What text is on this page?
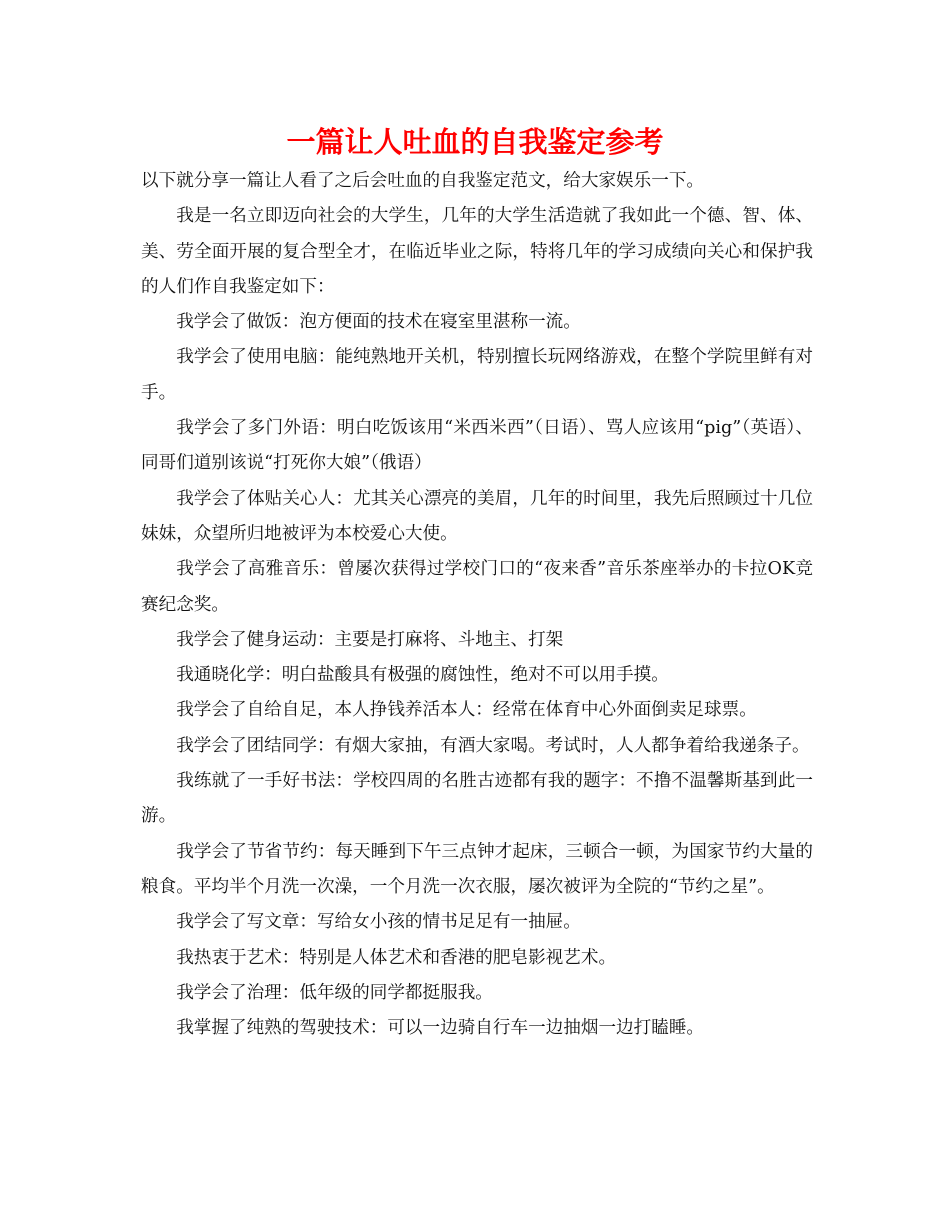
一篇让人吐血的自我鉴定参考

以下就分享一篇让人看了之后会吐血的自我鉴定范文，给大家娱乐一下。

我是一名立即迈向社会的大学生，几年的大学生活造就了我如此一个德、智、体、美、劳全面开展的复合型全才，在临近毕业之际，特将几年的学习成绩向关心和保护我的人们作自我鉴定如下：

我学会了做饭：泡方便面的技术在寝室里湛称一流。

我学会了使用电脑：能纯熟地开关机，特别擅长玩网络游戏，在整个学院里鲜有对手。

我学会了多门外语：明白吃饭该用“米西米西”（日语）、骂人应该用“pig”（英语）、同哥们道别该说“打死你大娘”（俄语）

我学会了体贴关心人：尤其关心漂亮的美眉，几年的时间里，我先后照顾过十几位妹妹，众望所归地被评为本校爱心大使。

我学会了高雅音乐：曾屡次获得过学校门口的“夜来香”音乐茶座举办的卡拉OK竞赛纪念奖。

我学会了健身运动：主要是打麻将、斗地主、打架

我通晓化学：明白盐酸具有极强的腐蚀性，绝对不可以用手摸。

我学会了自给自足，本人挣钱养活本人：经常在体育中心外面倒卖足球票。

我学会了团结同学：有烟大家抽，有酒大家喝。考试时，人人都争着给我递条子。

我练就了一手好书法：学校四周的名胜古迹都有我的题字：不撸不温馨斯基到此一游。

我学会了节省节约：每天睡到下午三点钟才起床，三顿合一顿，为国家节约大量的粮食。平均半个月洗一次澡，一个月洗一次衣服，屡次被评为全院的“节约之星”。

我学会了写文章：写给女小孩的情书足足有一抽屉。

我热衷于艺术：特别是人体艺术和香港的肥皂影视艺术。

我学会了治理：低年级的同学都挺服我。

我掌握了纯熟的驾驶技术：可以一边骑自行车一边抽烟一边打瞌睡。
